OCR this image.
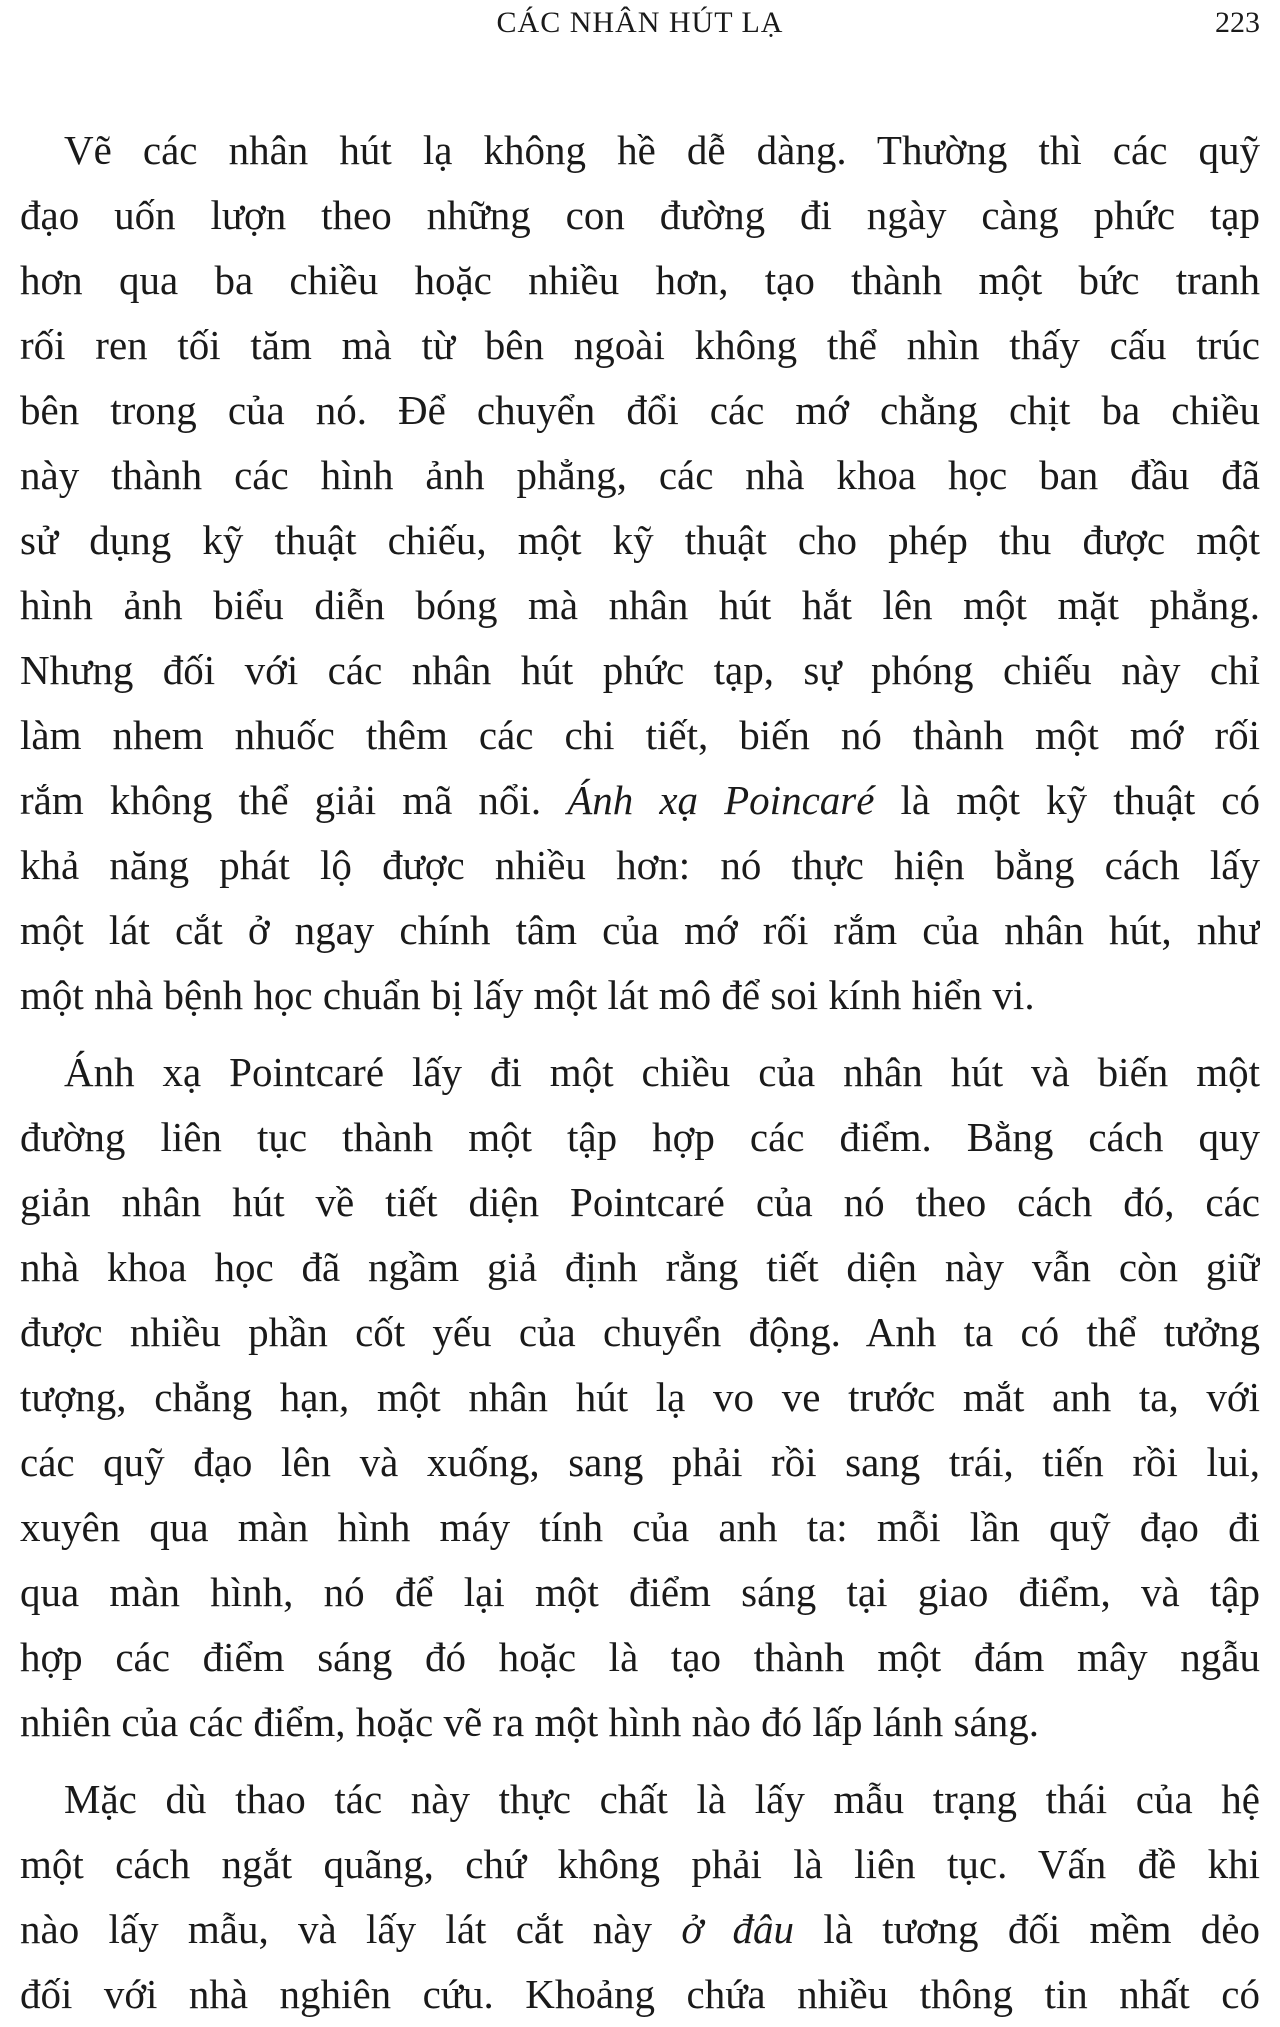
CÁC NHÂN HÚT LẠ	223
Vẽ các nhân hút lạ không hề dễ dàng. Thường thì các quỹ
đạo uốn lượn theo những con đường đi ngày càng phức tạp
hơn qua ba chiều hoặc nhiều hơn, tạo thành một bức tranh
rối ren tối tăm mà từ bên ngoài không thể nhìn thấy cấu trúc
bên trong của nó. Để chuyển đổi các mớ chằng chịt ba chiều
này thành các hình ảnh phẳng, các nhà khoa học ban đầu đã
sử dụng kỹ thuật chiếu, một kỹ thuật cho phép thu được một
hình ảnh biểu diễn bóng mà nhân hút hắt lên một mặt phẳng.
Nhưng đối với các nhân hút phức tạp, sự phóng chiếu này chỉ
làm nhem nhuốc thêm các chi tiết, biến nó thành một mớ rối
rắm không thể giải mã nổi. Ánh xạ Poincaré là một kỹ thuật có
khả năng phát lộ được nhiều hơn: nó thực hiện bằng cách lấy
một lát cắt ở ngay chính tâm của mớ rối rắm của nhân hút, như
một nhà bệnh học chuẩn bị lấy một lát mô để soi kính hiển vi.
Ánh xạ Pointcaré lấy đi một chiều của nhân hút và biến một
đường liên tục thành một tập hợp các điểm. Bằng cách quy
giản nhân hút về tiết diện Pointcaré của nó theo cách đó, các
nhà khoa học đã ngầm giả định rằng tiết diện này vẫn còn giữ
được nhiều phần cốt yếu của chuyển động. Anh ta có thể tưởng
tượng, chẳng hạn, một nhân hút lạ vo ve trước mắt anh ta, với
các quỹ đạo lên và xuống, sang phải rồi sang trái, tiến rồi lui,
xuyên qua màn hình máy tính của anh ta: mỗi lần quỹ đạo đi
qua màn hình, nó để lại một điểm sáng tại giao điểm, và tập
hợp các điểm sáng đó hoặc là tạo thành một đám mây ngẫu
nhiên của các điểm, hoặc vẽ ra một hình nào đó lấp lánh sáng.
Mặc dù thao tác này thực chất là lấy mẫu trạng thái của hệ
một cách ngắt quãng, chứ không phải là liên tục. Vấn đề khi
nào lấy mẫu, và lấy lát cắt này ở đâu là tương đối mềm dẻo
đối với nhà nghiên cứu. Khoảng chứa nhiều thông tin nhất có
